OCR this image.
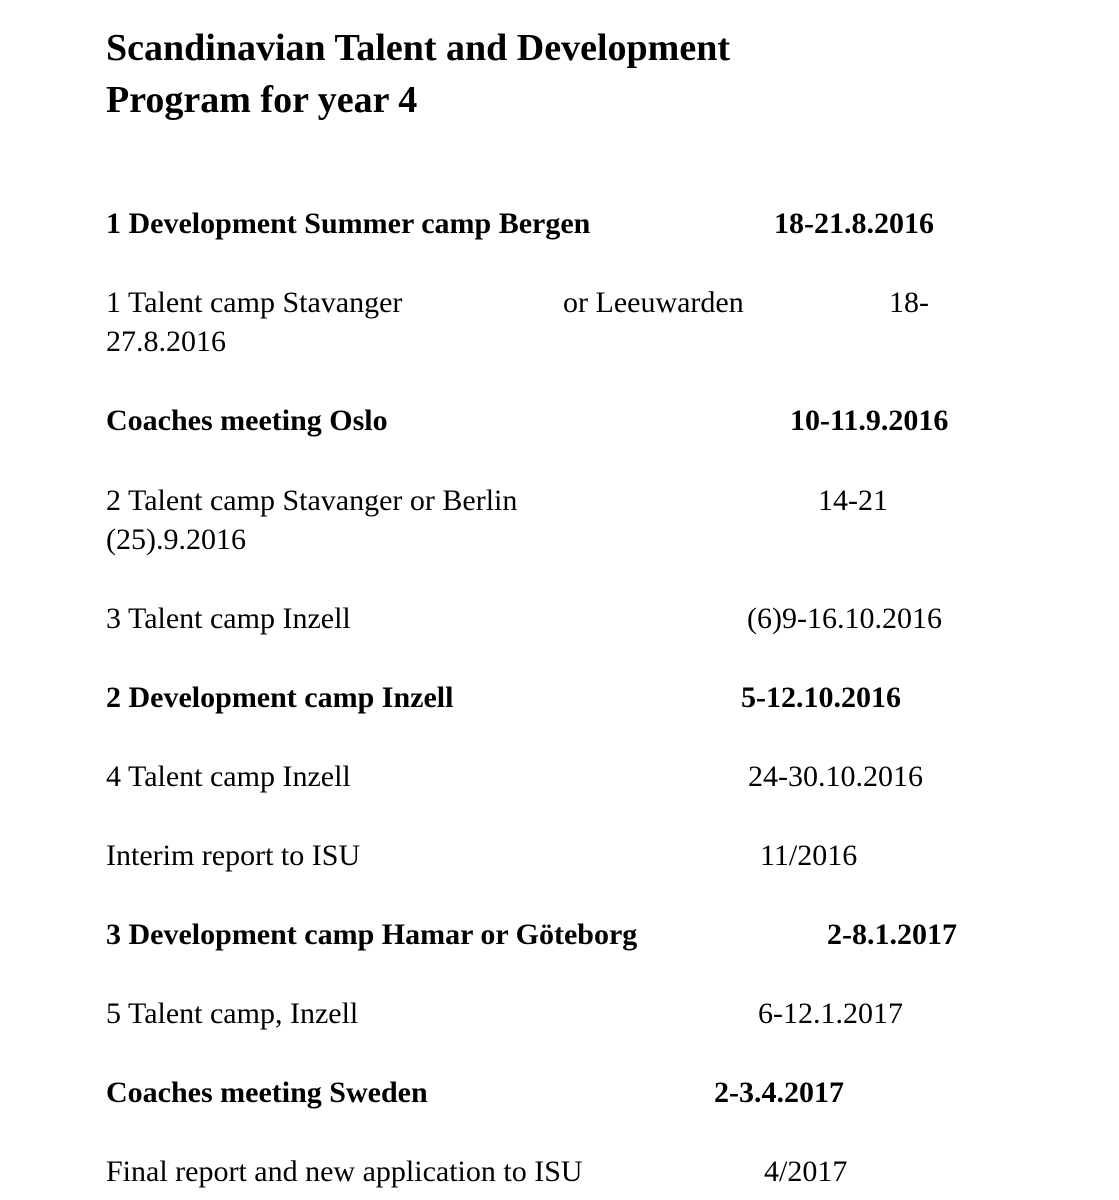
Scandinavian Talent and Development
Program for year 4
1 Development Summer camp Bergen	18-21.8.2016
1 Talent camp Stavanger	or Leeuwarden	18-
27.8.2016
Coaches meeting Oslo	10-11.9.2016
2 Talent camp Stavanger or Berlin	14-21
(25).9.2016
3 Talent camp Inzell	(6)9-16.10.2016
2 Development camp Inzell	5-12.10.2016
4 Talent camp Inzell	24-30.10.2016
Interim report to ISU	11/2016
3 Development camp Hamar or Göteborg	2-8.1.2017
5 Talent camp, Inzell	6-12.1.2017
Coaches meeting Sweden	2-3.4.2017
Final report and new application to ISU	4/2017
